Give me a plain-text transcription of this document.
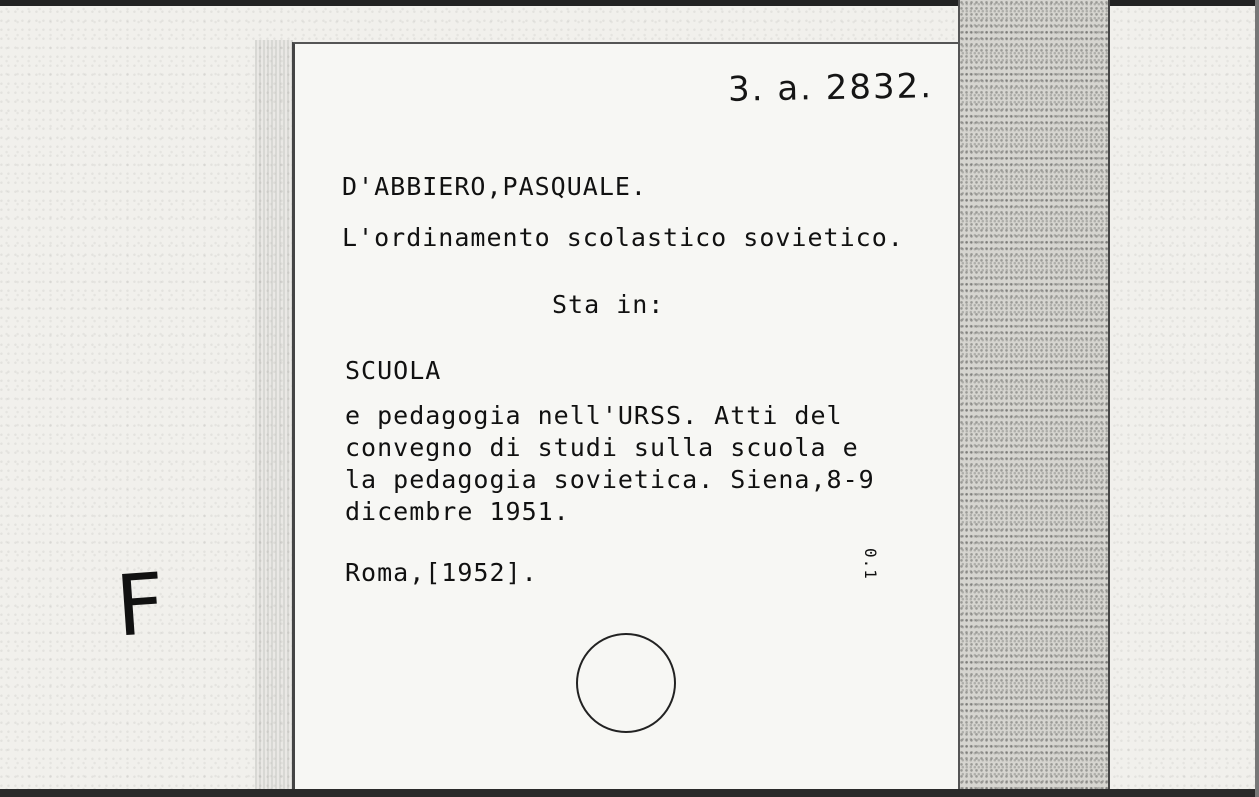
3. a. 2832.
D'ABBIERO,PASQUALE.
L'ordinamento scolastico sovietico.
Sta in:
SCUOLA
e pedagogia nell'URSS. Atti del
convegno di studi sulla scuola e
la pedagogia sovietica. Siena,8-9
dicembre 1951.
Roma,[1952].	0.1
F
